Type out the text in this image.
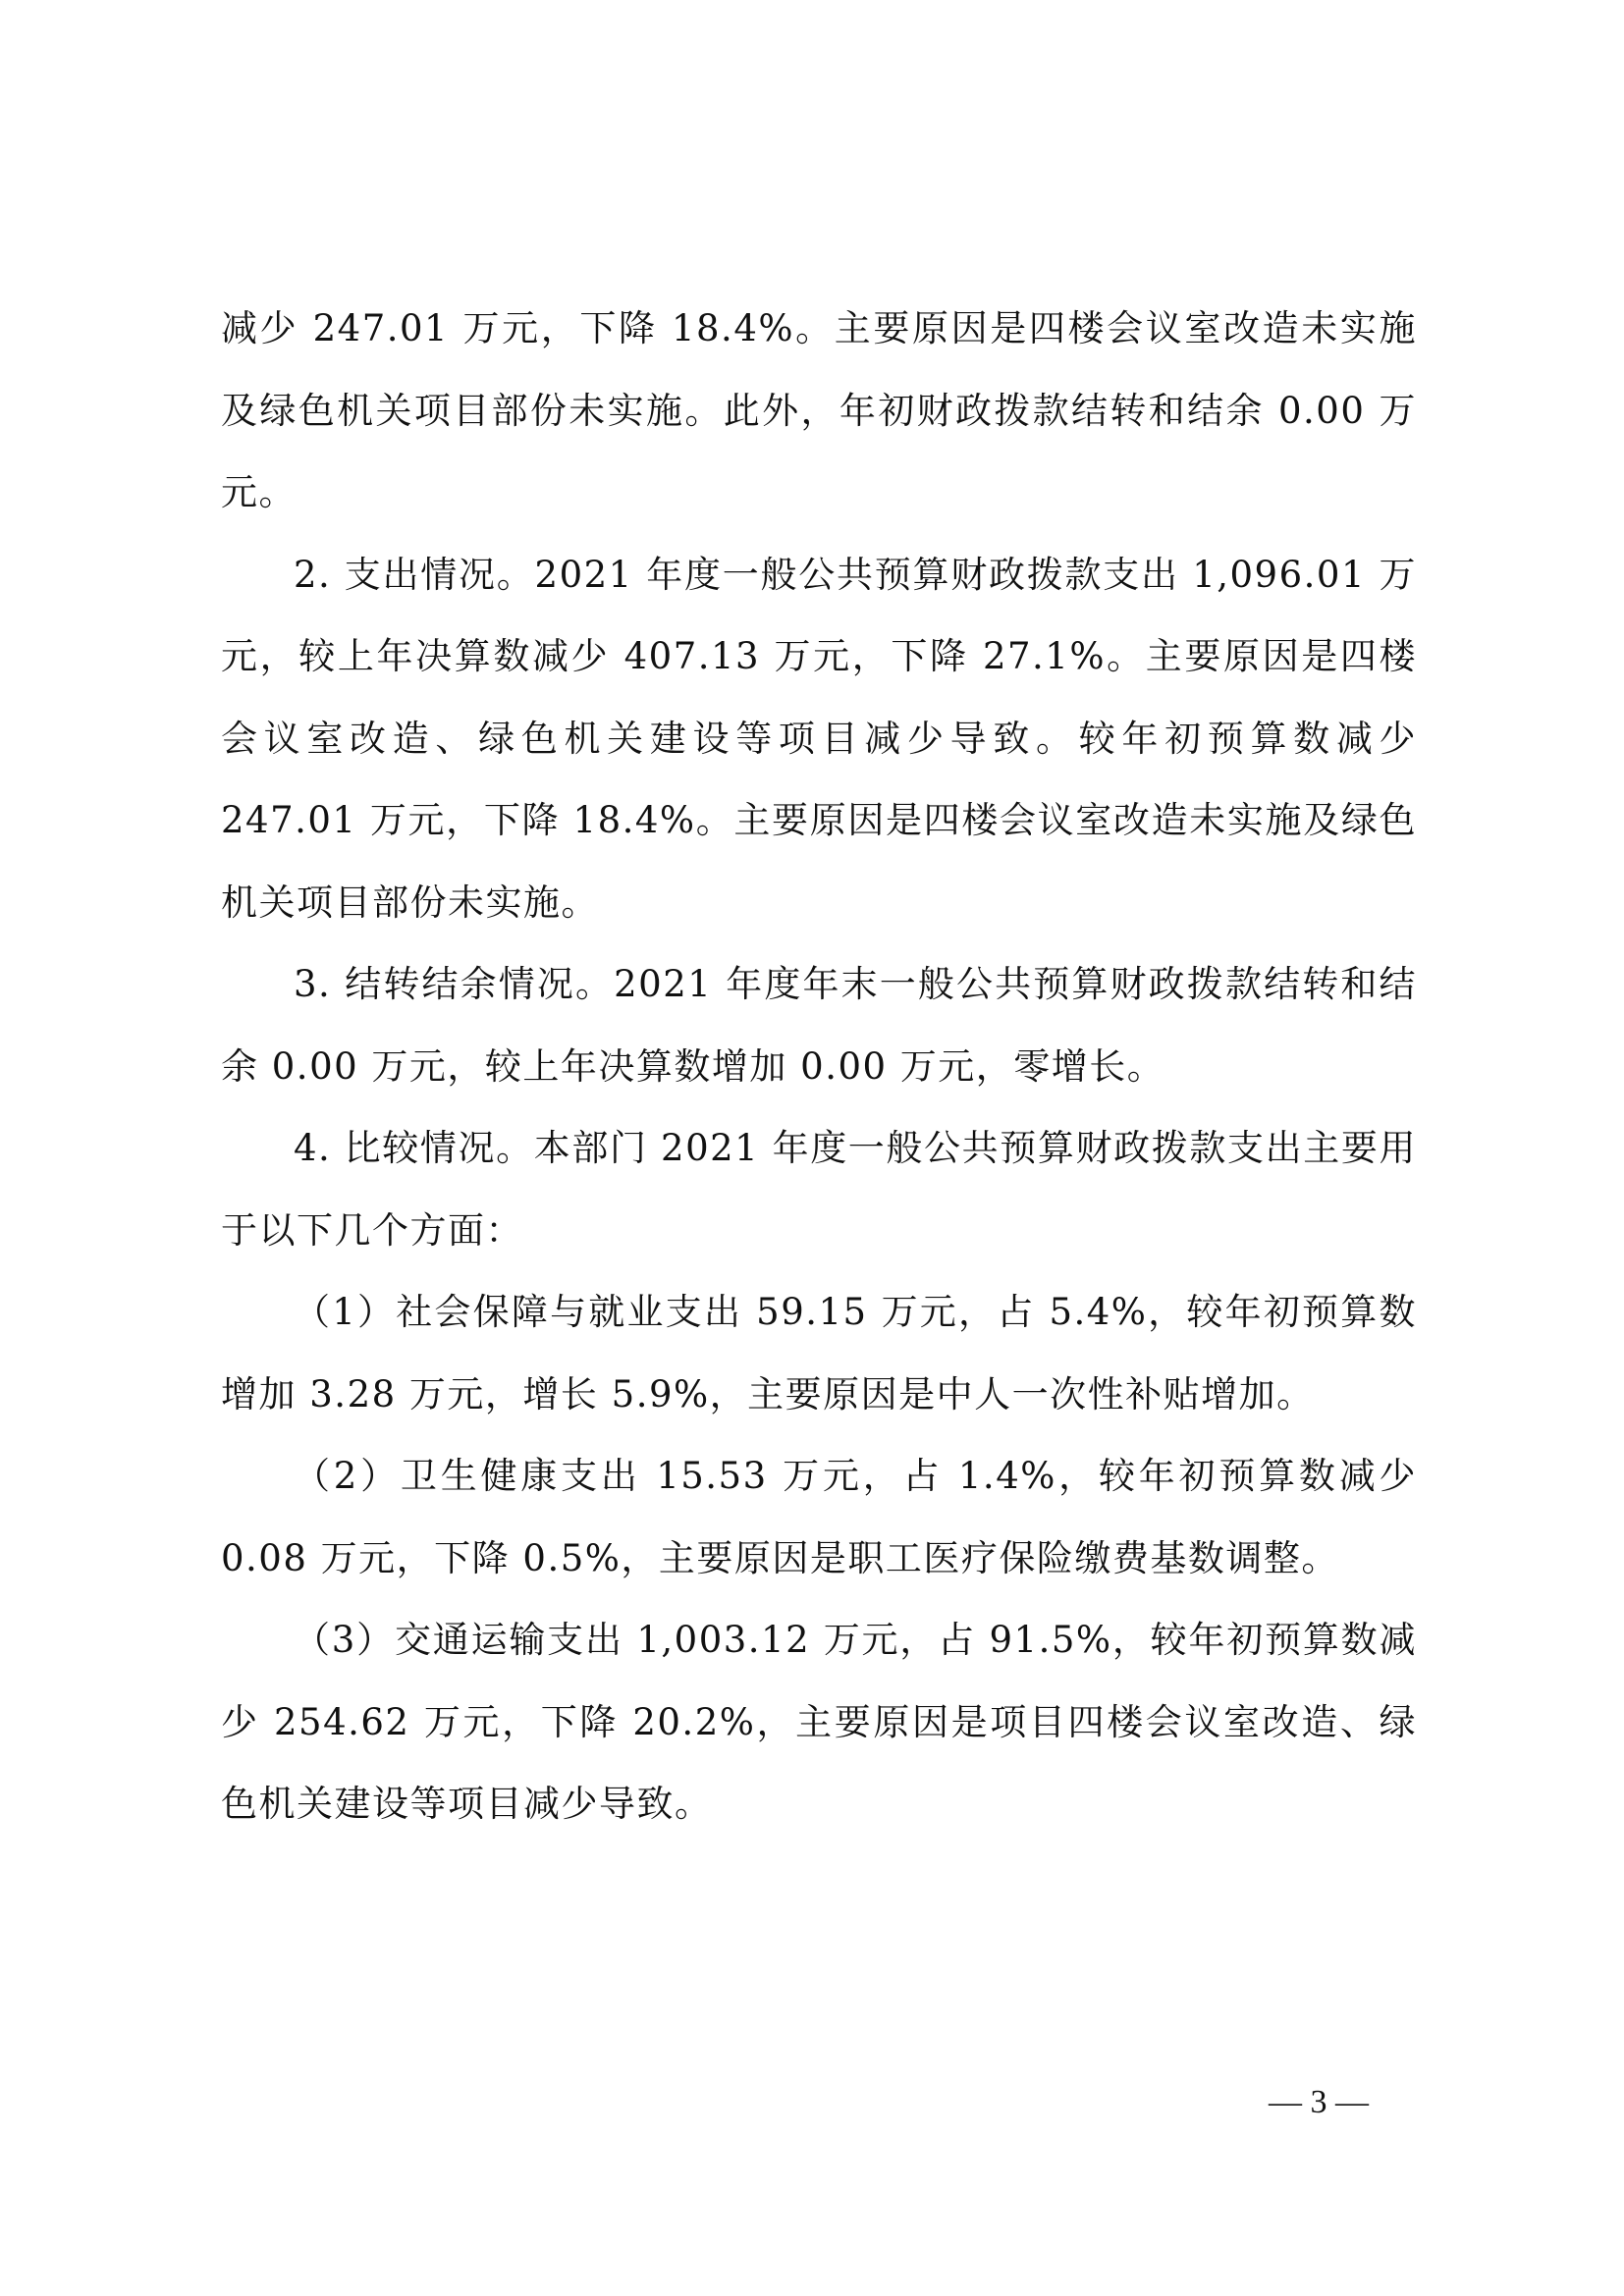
减少 247.01 万元，下降 18.4%。主要原因是四楼会议室改造未实施及绿色机关项目部份未实施。此外，年初财政拨款结转和结余 0.00 万元。

2. 支出情况。2021 年度一般公共预算财政拨款支出 1,096.01 万元，较上年决算数减少 407.13 万元，下降 27.1%。主要原因是四楼会议室改造、绿色机关建设等项目减少导致。较年初预算数减少 247.01 万元，下降 18.4%。主要原因是四楼会议室改造未实施及绿色机关项目部份未实施。

3. 结转结余情况。2021 年度年末一般公共预算财政拨款结转和结余 0.00 万元，较上年决算数增加 0.00 万元，零增长。

4. 比较情况。本部门 2021 年度一般公共预算财政拨款支出主要用于以下几个方面：

（1）社会保障与就业支出 59.15 万元，占 5.4%，较年初预算数增加 3.28 万元，增长 5.9%，主要原因是中人一次性补贴增加。

（2）卫生健康支出 15.53 万元，占 1.4%，较年初预算数减少 0.08 万元，下降 0.5%，主要原因是职工医疗保险缴费基数调整。

（3）交通运输支出 1,003.12 万元，占 91.5%，较年初预算数减少 254.62 万元，下降 20.2%，主要原因是项目四楼会议室改造、绿色机关建设等项目减少导致。

— 3 —
